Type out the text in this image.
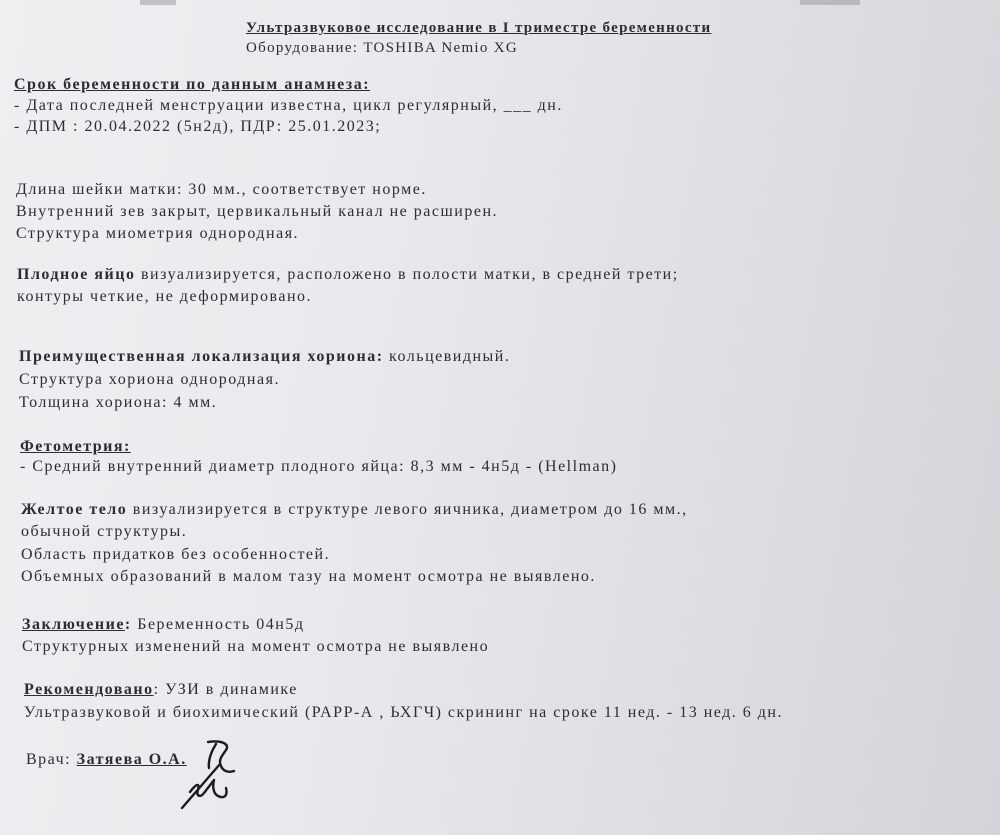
Ультразвуковое исследование в I триместре беременности
Оборудование: TOSHIBA Nemio XG
Срок беременности по данным анамнеза:
- Дата последней менструации известна, цикл регулярный, ___ дн.
- ДПМ : 20.04.2022 (5н2д), ПДР: 25.01.2023;
Длина шейки матки: 30 мм., соответствует норме.
Внутренний зев закрыт, цервикальный канал не расширен.
Структура миометрия однородная.
Плодное яйцо визуализируется, расположено в полости матки, в средней трети;
контуры четкие, не деформировано.
Преимущественная локализация хориона: кольцевидный.
Структура хориона однородная.
Толщина хориона: 4 мм.
Фетометрия:
- Средний внутренний диаметр плодного яйца: 8,3 мм - 4н5д - (Hellman)
Желтое тело визуализируется в структуре левого яичника, диаметром до 16 мм.,
обычной структуры.
Область придатков без особенностей.
Объемных образований в малом тазу на момент осмотра не выявлено.
Заключение: Беременность 04н5д
Структурных изменений на момент осмотра не выявлено
Рекомендовано: УЗИ в динамике
Ультразвуковой и биохимический (РАРР-А , ЬХГЧ) скрининг на сроке 11 нед. - 13 нед. 6 дн.
Врач: Затяева О.А.
